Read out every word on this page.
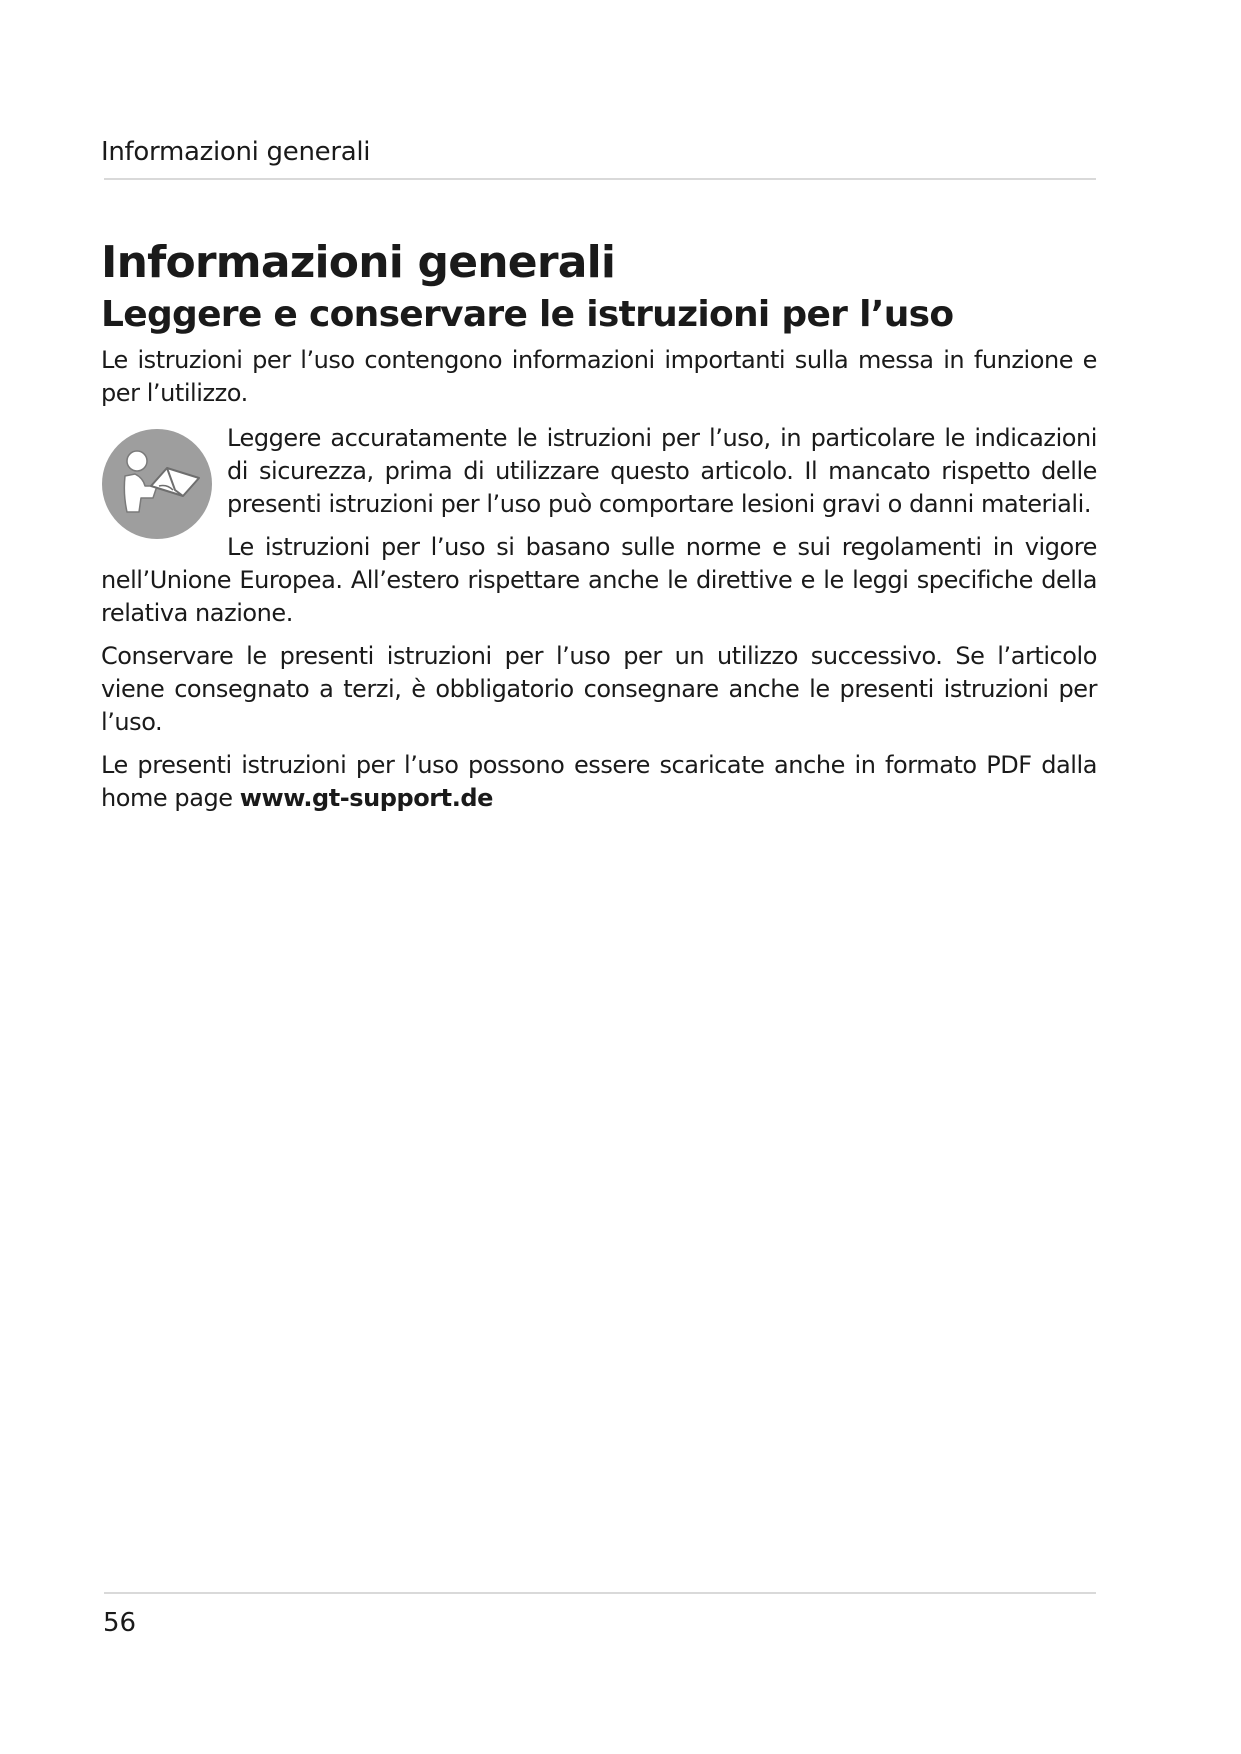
Informazioni generali
Informazioni generali
Leggere e conservare le istruzioni per l’uso

Le istruzioni per l’uso contengono informazioni importanti sulla messa in funzione e per l’utilizzo.

Leggere accuratamente le istruzioni per l’uso, in particolare le indicazioni di sicurezza, prima di utilizzare questo articolo. Il mancato rispetto delle presenti istruzioni per l’uso può comportare lesioni gravi o danni materiali.

Le istruzioni per l’uso si basano sulle norme e sui regolamenti in vigore nell’Unione Europea. All’estero rispettare anche le direttive e le leggi specifiche della relativa nazione.

Conservare le presenti istruzioni per l’uso per un utilizzo successivo. Se l’articolo viene consegnato a terzi, è obbligatorio consegnare anche le presenti istruzioni per l’uso.

Le presenti istruzioni per l’uso possono essere scaricate anche in formato PDF dalla home page www.gt-support.de

56
